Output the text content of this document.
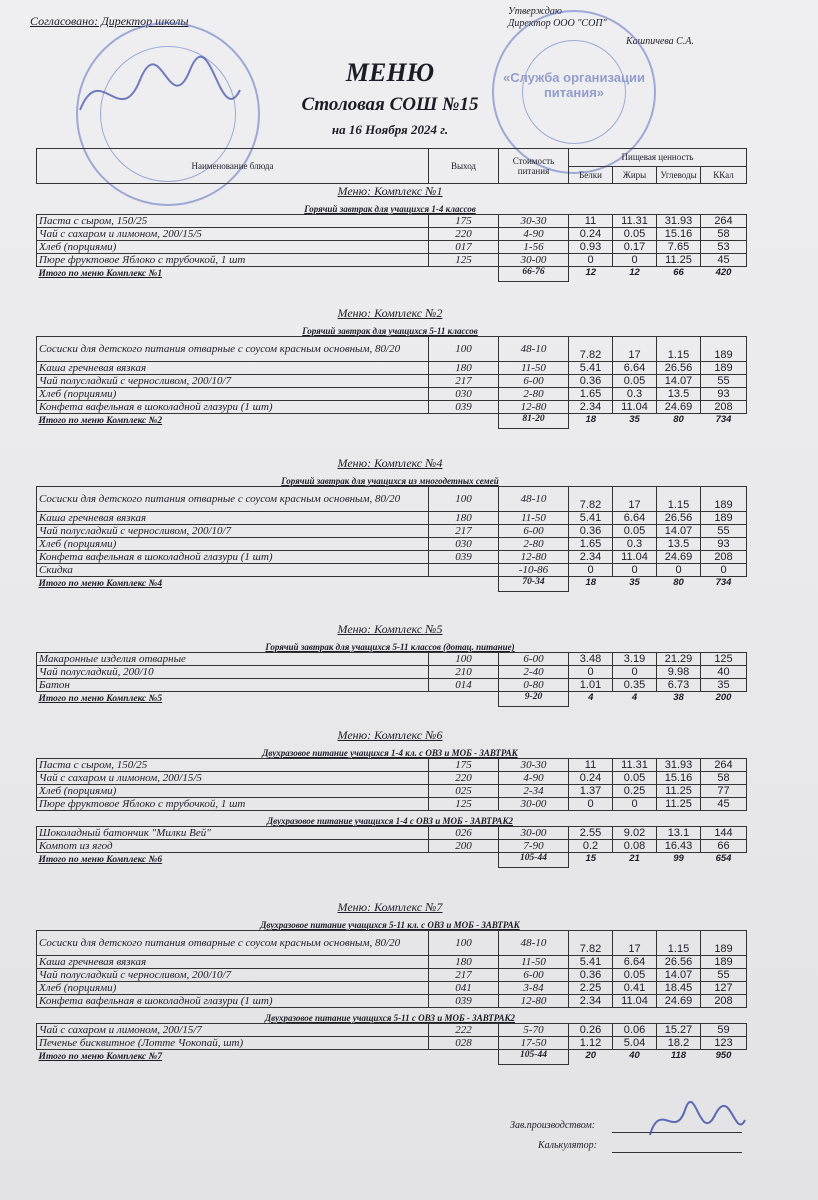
Согласовано: Директор школы
Утверждаю
Директор ООО "СОП"
Кашпичева С.А.
«Служба организации питания»
МЕНЮ
Столовая СОШ №15
на 16 Ноября 2024 г.
Наименование блюда	Выход	Стоимость питания	Пищевая ценность			
			Белки	Жиры	Углеводы	ККал
Меню: Комплекс №1
Горячий завтрак для учащихся 1-4 классов
Паста с сыром, 150/25	175	30-30	11	11.31	31.93	264
Чай с сахаром и лимоном, 200/15/5	220	4-90	0.24	0.05	15.16	58
Хлеб (порциями)	017	1-56	0.93	0.17	7.65	53
Пюре фруктовое Яблоко с трубочкой, 1 шт	125	30-00	0	0	11.25	45
Итого по меню Комплекс №1		66-76	12	12	66	420
Меню: Комплекс №2
Горячий завтрак для учащихся 5-11 классов
Сосиски для детского питания отварные с соусом красным основным, 80/20	100	48-10	7.82	17	1.15	189
Каша гречневая вязкая	180	11-50	5.41	6.64	26.56	189
Чай полусладкий с черносливом, 200/10/7	217	6-00	0.36	0.05	14.07	55
Хлеб (порциями)	030	2-80	1.65	0.3	13.5	93
Конфета вафельная в шоколадной глазури (1 шт)	039	12-80	2.34	11.04	24.69	208
Итого по меню Комплекс №2		81-20	18	35	80	734
Меню: Комплекс №4
Горячий завтрак для учащихся из многодетных семей
Сосиски для детского питания отварные с соусом красным основным, 80/20	100	48-10	7.82	17	1.15	189
Каша гречневая вязкая	180	11-50	5.41	6.64	26.56	189
Чай полусладкий с черносливом, 200/10/7	217	6-00	0.36	0.05	14.07	55
Хлеб (порциями)	030	2-80	1.65	0.3	13.5	93
Конфета вафельная в шоколадной глазури (1 шт)	039	12-80	2.34	11.04	24.69	208
Скидка		-10-86	0	0	0	0
Итого по меню Комплекс №4		70-34	18	35	80	734
Меню: Комплекс №5
Горячий завтрак для учащихся 5-11 классов (дотац. питание)
Макаронные изделия отварные	100	6-00	3.48	3.19	21.29	125
Чай полусладкий, 200/10	210	2-40	0	0	9.98	40
Батон	014	0-80	1.01	0.35	6.73	35
Итого по меню Комплекс №5		9-20	4	4	38	200
Меню: Комплекс №6
Двухразовое питание учащихся 1-4 кл. с ОВЗ и МОБ - ЗАВТРАК
Паста с сыром, 150/25	175	30-30	11	11.31	31.93	264
Чай с сахаром и лимоном, 200/15/5	220	4-90	0.24	0.05	15.16	58
Хлеб (порциями)	025	2-34	1.37	0.25	11.25	77
Пюре фруктовое Яблоко с трубочкой, 1 шт	125	30-00	0	0	11.25	45
Двухразовое питание учащихся 1-4 с ОВЗ и МОБ - ЗАВТРАК2
Шоколадный батончик "Милки Вей"	026	30-00	2.55	9.02	13.1	144
Компот из ягод	200	7-90	0.2	0.08	16.43	66
Итого по меню Комплекс №6		105-44	15	21	99	654
Меню: Комплекс №7
Двухразовое питание учащихся 5-11 кл. с ОВЗ и МОБ - ЗАВТРАК
Сосиски для детского питания отварные с соусом красным основным, 80/20	100	48-10	7.82	17	1.15	189
Каша гречневая вязкая	180	11-50	5.41	6.64	26.56	189
Чай полусладкий с черносливом, 200/10/7	217	6-00	0.36	0.05	14.07	55
Хлеб (порциями)	041	3-84	2.25	0.41	18.45	127
Конфета вафельная в шоколадной глазури (1 шт)	039	12-80	2.34	11.04	24.69	208
Двухразовое питание учащихся 5-11 с ОВЗ и МОБ - ЗАВТРАК2
Чай с сахаром и лимоном, 200/15/7	222	5-70	0.26	0.06	15.27	59
Печенье бисквитное (Лотте Чокопай, шт)	028	17-50	1.12	5.04	18.2	123
Итого по меню Комплекс №7		105-44	20	40	118	950
Зав.производством:
Калькулятор:
